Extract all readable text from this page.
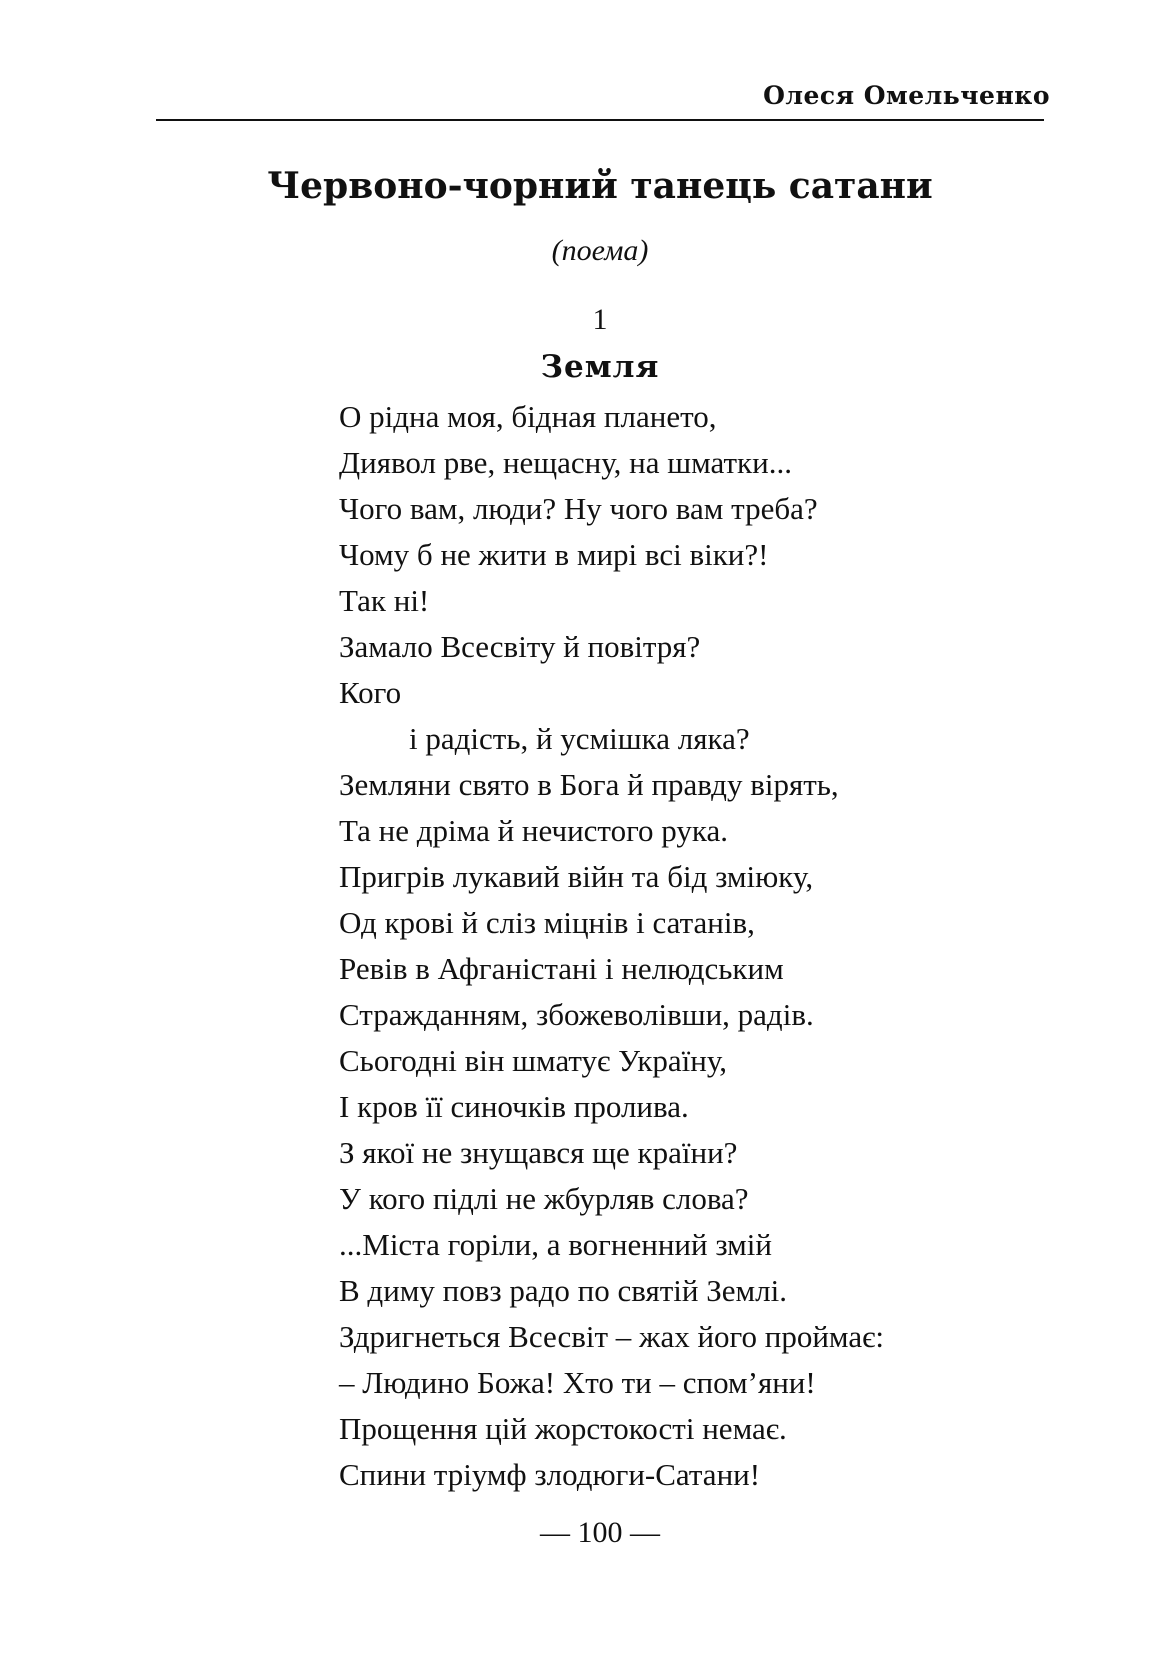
Олеся Омельченко
Червоно-чорний танець сатани
(поема)
1
Земля
О рідна моя, бідная плането,
Диявол рве, нещасну, на шматки...
Чого вам, люди? Ну чого вам треба?
Чому б не жити в мирі всі віки?!
Так ні!
Замало Всесвіту й повітря?
Кого
і радість, й усмішка ляка?
Земляни свято в Бога й правду вірять,
Та не дріма й нечистого рука.
Пригрів лукавий війн та бід зміюку,
Од крові й сліз міцнів і сатанів,
Ревів в Афганістані і нелюдським
Стражданням, збожеволівши, радів.
Сьогодні він шматує Україну,
І кров її синочків пролива.
З якої не знущався ще країни?
У кого підлі не жбурляв слова?
...Міста горіли, а вогненний змій
В диму повз радо по святій Землі.
Здригнеться Всесвіт – жах його проймає:
– Людино Божа! Хто ти – спом’яни!
Прощення цій жорстокості немає.
Спини тріумф злодюги-Сатани!
— 100 —
